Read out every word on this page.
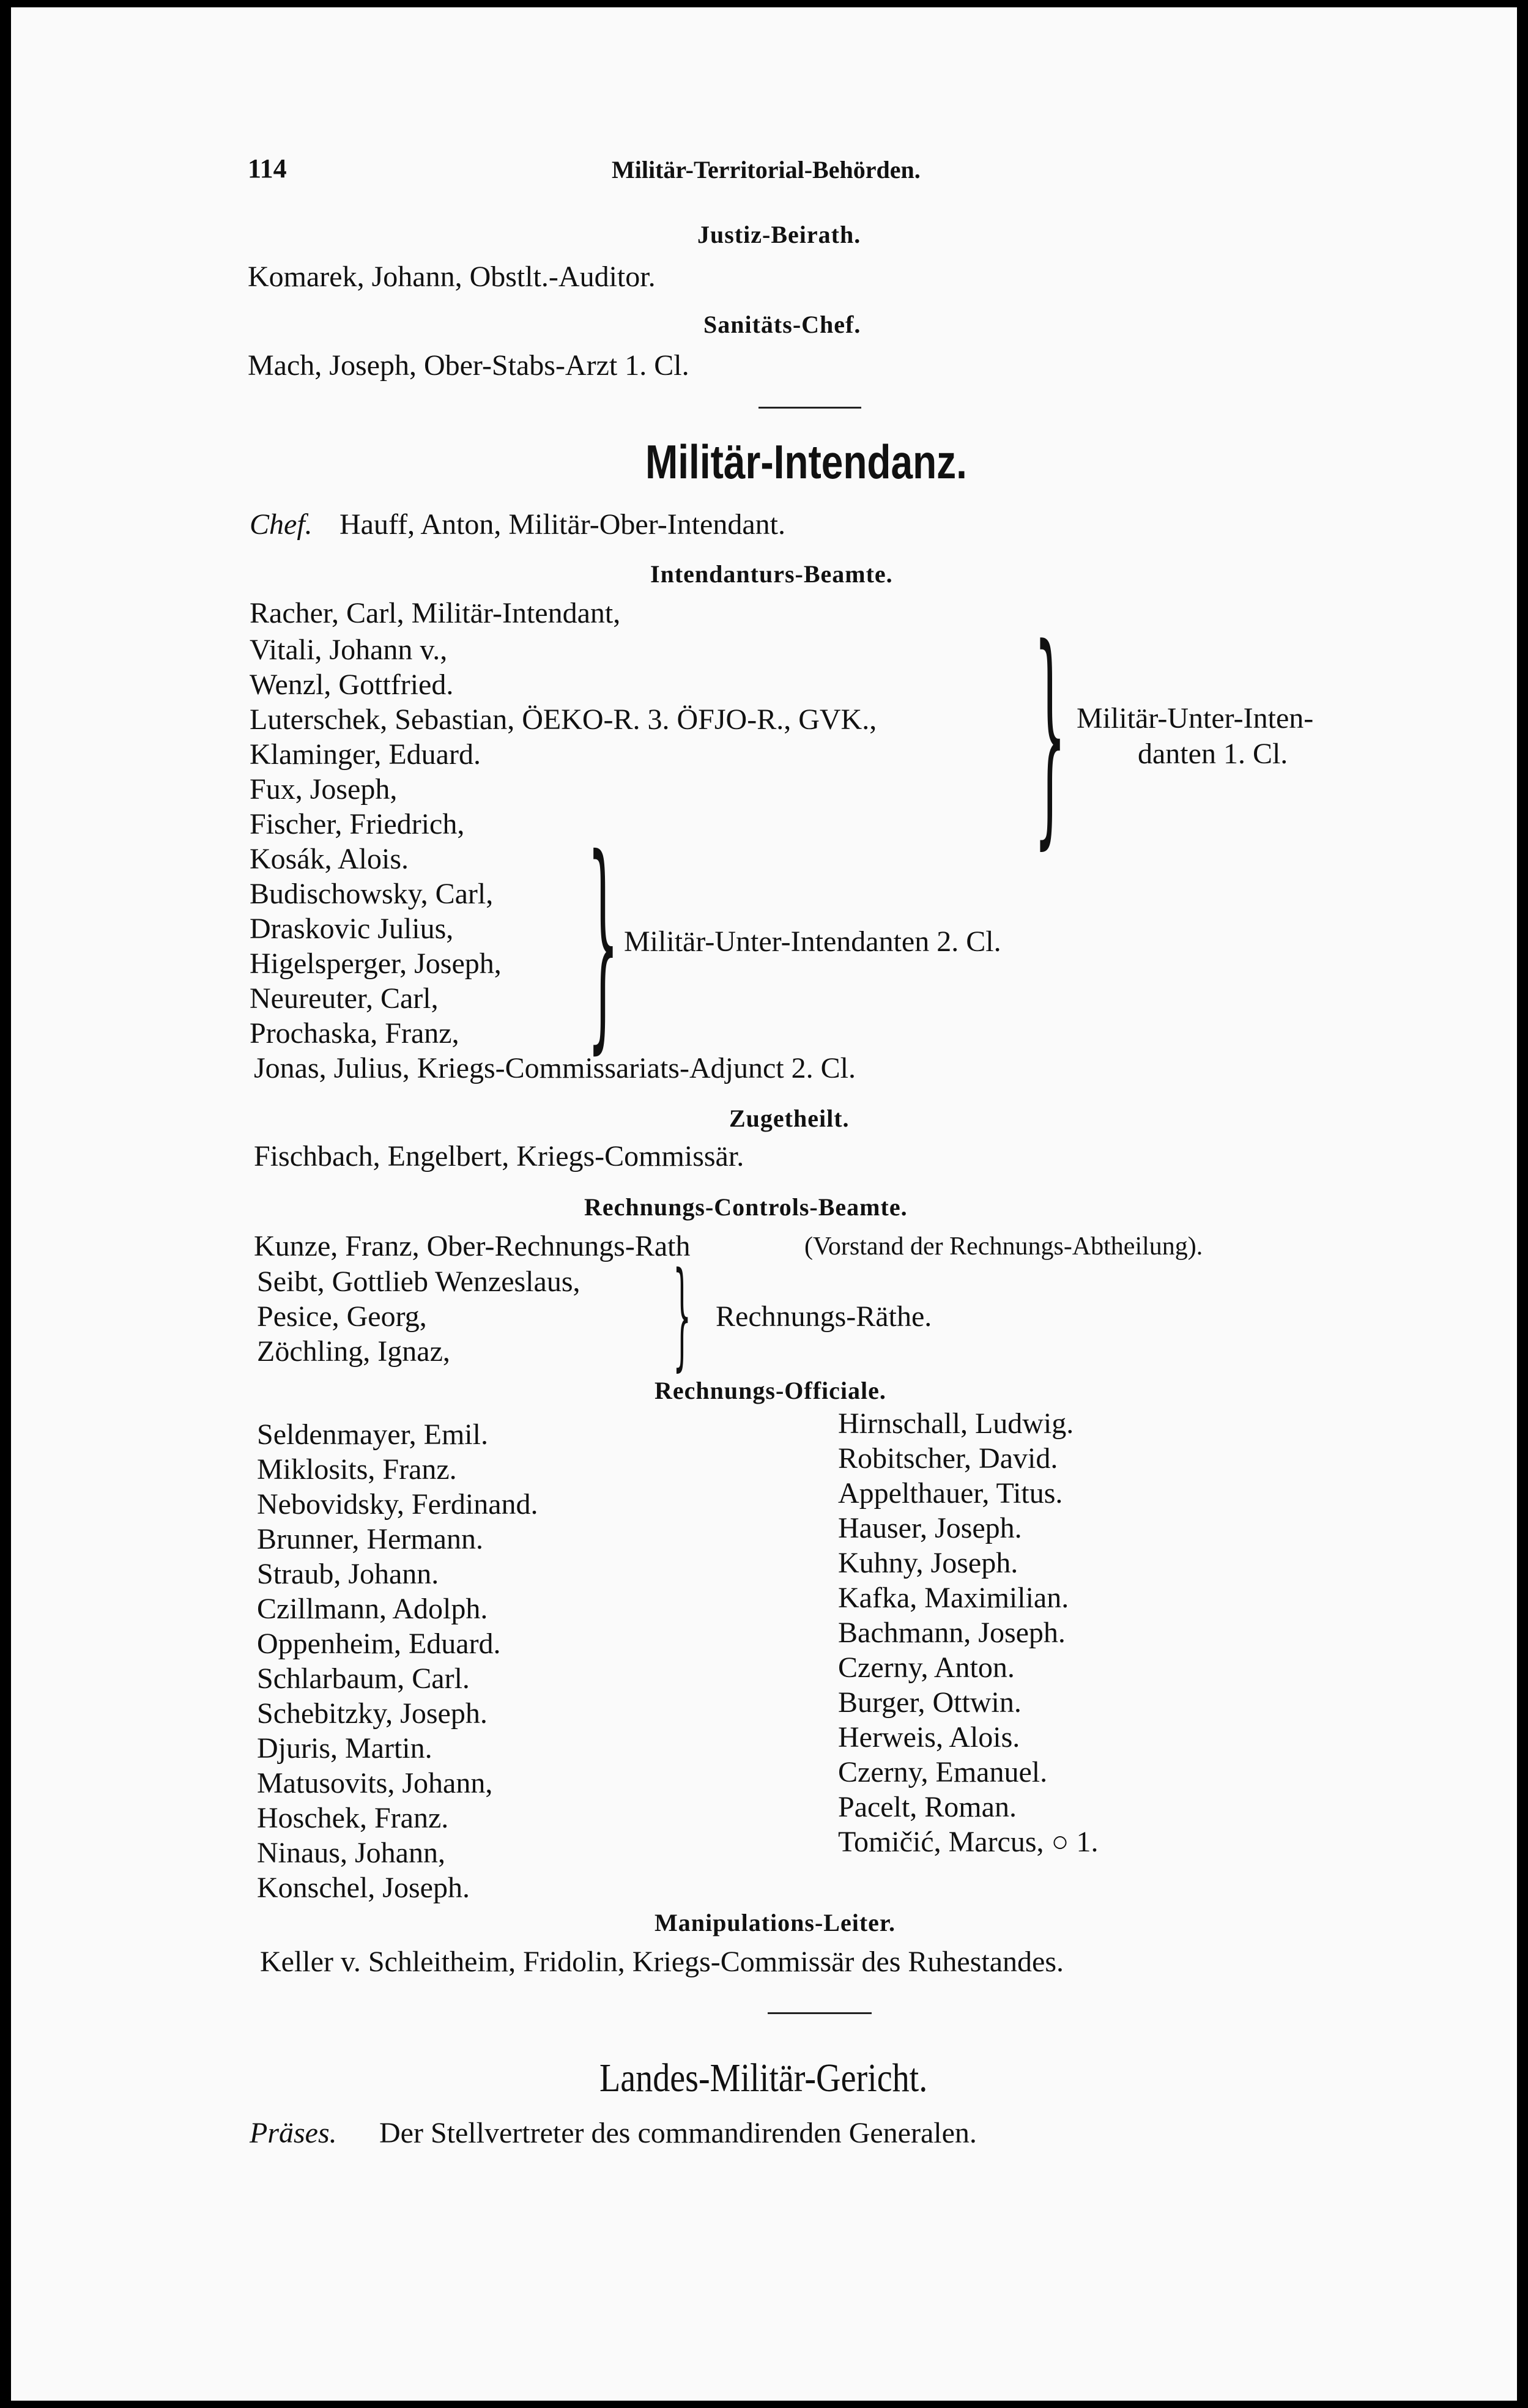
114	Militär-Territorial-Behörden.
Justiz-Beirath.
Komarek, Johann, Obstlt.-Auditor.
Sanitäts-Chef.
Mach, Joseph, Ober-Stabs-Arzt 1. Cl.
Militär-Intendanz.
Chef. Hauff, Anton, Militär-Ober-Intendant.
Intendanturs-Beamte.
Racher, Carl, Militär-Intendant,
Vitali, Johann v.,
Wenzl, Gottfried.
Luterschek, Sebastian, ÖEKO-R. 3. ÖFJO-R., GVK.,
Klaminger, Eduard.
Fux, Joseph,
Fischer, Friedrich, } Militär-Unter-Inten-
danten 1. Cl.
Kosák, Alois.
Budischowsky, Carl,
Draskovic Julius,
Higelsperger, Joseph,
Neureuter, Carl,
Prochaska, Franz, } Militär-Unter-Intendanten 2. Cl.
Jonas, Julius, Kriegs-Commissariats-Adjunct 2. Cl.
Zugetheilt.
Fischbach, Engelbert, Kriegs-Commissär.
Rechnungs-Controls-Beamte.
Kunze, Franz, Ober-Rechnungs-Rath	(Vorstand der Rechnungs-Abtheilung).
Seibt, Gottlieb Wenzeslaus,
Pesice, Georg,
Zöchling, Ignaz, } Rechnungs-Räthe.
Rechnungs-Officiale.
Seldenmayer, Emil.
Miklosits, Franz.
Nebovidsky, Ferdinand.
Brunner, Hermann.
Straub, Johann.
Czillmann, Adolph.
Oppenheim, Eduard.
Schlarbaum, Carl.
Schebitzky, Joseph.
Djuris, Martin.
Matusovits, Johann,
Hoschek, Franz.
Ninaus, Johann,
Konschel, Joseph.
Hirnschall, Ludwig.
Robitscher, David.
Appelthauer, Titus.
Hauser, Joseph.
Kuhny, Joseph.
Kafka, Maximilian.
Bachmann, Joseph.
Czerny, Anton.
Burger, Ottwin.
Herweis, Alois.
Czerny, Emanuel.
Pacelt, Roman.
Tomičić, Marcus, ○ 1.
Manipulations-Leiter.
Keller v. Schleitheim, Fridolin, Kriegs-Commissär des Ruhestandes.
Landes-Militär-Gericht.
Präses. Der Stellvertreter des commandirenden Generalen.
